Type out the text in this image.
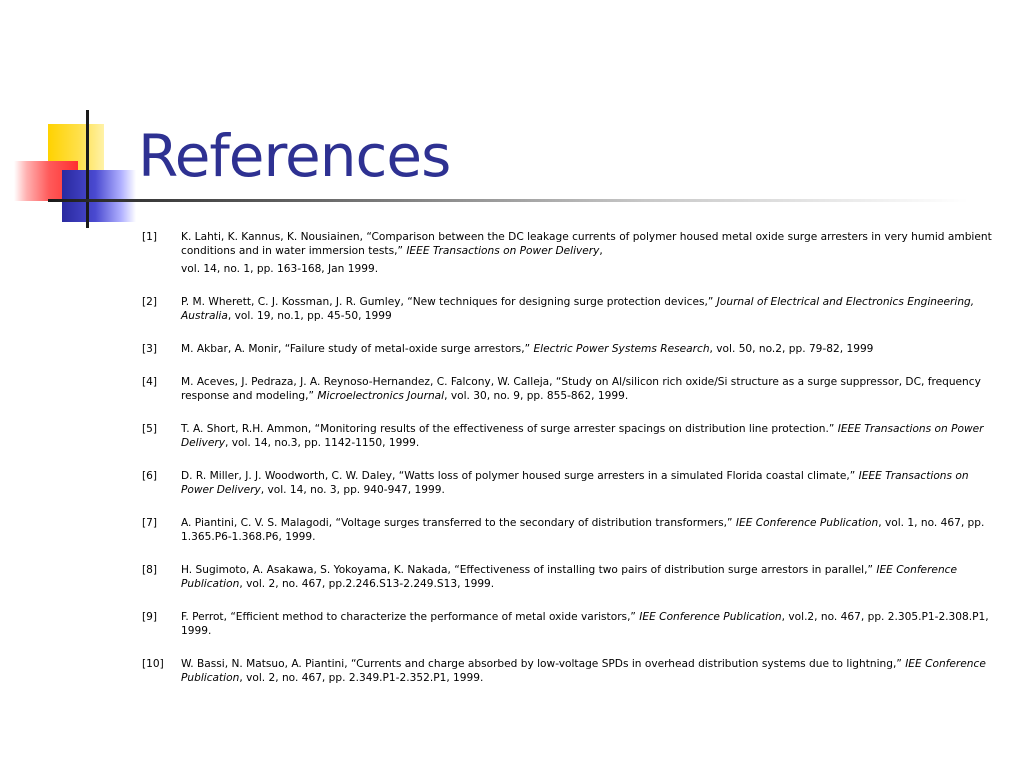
References
[1]	K. Lahti, K. Kannus, K. Nousiainen, “Comparison between the DC leakage currents of polymer housed metal oxide surge arresters in very humid ambient conditions and in water immersion tests,” IEEE Transactions on Power Delivery,
vol. 14, no. 1, pp. 163-168, Jan 1999.
[2]	P. M. Wherett, C. J. Kossman, J. R. Gumley, “New techniques for designing surge protection devices,” Journal of Electrical and Electronics Engineering, Australia, vol. 19, no.1, pp. 45-50, 1999
[3]	M. Akbar, A. Monir, “Failure study of metal-oxide surge arrestors,” Electric Power Systems Research, vol. 50, no.2, pp. 79-82, 1999
[4]	M. Aceves, J. Pedraza, J. A. Reynoso-Hernandez, C. Falcony, W. Calleja, “Study on Al/silicon rich oxide/Si structure as a surge suppressor, DC, frequency response and modeling,” Microelectronics Journal, vol. 30, no. 9, pp. 855-862, 1999.
[5]	T. A. Short, R.H. Ammon, “Monitoring results of the effectiveness of surge arrester spacings on distribution line protection.” IEEE Transactions on Power Delivery, vol. 14, no.3, pp. 1142-1150, 1999.
[6]	D. R. Miller, J. J. Woodworth, C. W. Daley, “Watts loss of polymer housed surge arresters in a simulated Florida coastal climate,” IEEE Transactions on Power Delivery, vol. 14, no. 3, pp. 940-947, 1999.
[7]	A. Piantini, C. V. S. Malagodi, “Voltage surges transferred to the secondary of distribution transformers,” IEE Conference Publication, vol. 1, no. 467, pp. 1.365.P6-1.368.P6, 1999.
[8]	H. Sugimoto, A. Asakawa, S. Yokoyama, K. Nakada, “Effectiveness of installing two pairs of distribution surge arrestors in parallel,” IEE Conference Publication, vol. 2, no. 467, pp.2.246.S13-2.249.S13, 1999.
[9]	F. Perrot, “Efficient method to characterize the performance of metal oxide varistors,” IEE Conference Publication, vol.2, no. 467, pp. 2.305.P1-2.308.P1, 1999.
[10]	W. Bassi, N. Matsuo, A. Piantini, “Currents and charge absorbed by low-voltage SPDs in overhead distribution systems due to lightning,” IEE Conference Publication, vol. 2, no. 467, pp. 2.349.P1-2.352.P1, 1999.
